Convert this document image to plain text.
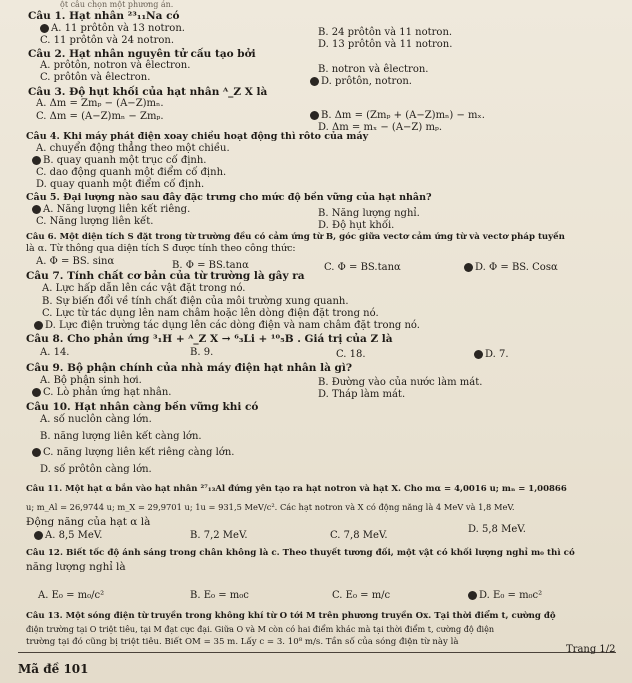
ột câu chọn một phương án.
Câu 1. Hạt nhân ²³₁₁Na có
A. 11 prôtôn và 13 notron.	B. 24 prôtôn và 11 notron.
C. 11 prôtôn và 24 notron.	D. 13 prôtôn và 11 notron.
Câu 2. Hạt nhân nguyên tử cấu tạo bởi
A. prôtôn, notron và êlectron.	B. notron và êlectron.
C. prôtôn và êlectron.	D. prôtôn, notron.
Câu 3. Độ hụt khối của hạt nhân ᴬ_Z X là
A. Δm = Zmₚ − (A−Z)mₙ.
B. Δm = (Zmₚ + (A−Z)mₙ) − mₓ.
C. Δm = (A−Z)mₙ − Zmₚ.
D. Δm = mₓ − (A−Z) mₚ.
Câu 4. Khi máy phát điện xoay chiều hoạt động thì rôto của máy
A. chuyển động thẳng theo một chiều.
B. quay quanh một trục cố định.
C. dao động quanh một điểm cố định.
D. quay quanh một điểm cố định.
Câu 5. Đại lượng nào sau đây đặc trưng cho mức độ bền vững của hạt nhân?
A. Năng lượng liên kết riêng.	B. Năng lượng nghỉ.
C. Năng lượng liên kết.	D. Độ hụt khối.
Câu 6. Một diện tích S đặt trong từ trường đều có cảm ứng từ B, góc giữa vectơ cảm ứng từ và vectơ pháp tuyến
là α. Từ thông qua diện tích S được tính theo công thức:
A. Φ = BS. sinα	B. Φ = BS.tanα	C. Φ = BS.tanα	D. Φ = BS. Cosα
Câu 7. Tính chất cơ bản của từ trường là gây ra
A. Lực hấp dẫn lên các vật đặt trong nó.
B. Sự biến đổi về tính chất điện của môi trường xung quanh.
C. Lực từ tác dụng lên nam châm hoặc lên dòng điện đặt trong nó.
D. Lực điện trường tác dụng lên các dòng điện và nam châm đặt trong nó.
Câu 8. Cho phản ứng ³₁H + ᴬ_Z X → ⁶₃Li + ¹⁰₅B . Giá trị của Z là
A. 14.	B. 9.	C. 18.	D. 7.
Câu 9. Bộ phận chính của nhà máy điện hạt nhân là gì?
A. Bộ phận sinh hơi.	B. Đường vào của nước làm mát.
C. Lò phản ứng hạt nhân.	D. Tháp làm mát.
Câu 10. Hạt nhân càng bền vững khi có
A. số nuclôn càng lớn.
B. năng lượng liên kết càng lớn.
C. năng lượng liên kết riêng càng lớn.
D. số prôtôn càng lớn.
Câu 11. Một hạt α bắn vào hạt nhân ²⁷₁₃Al đứng yên tạo ra hạt notron và hạt X. Cho mα = 4,0016 u; mₙ = 1,00866
u; m_Al = 26,9744 u; m_X = 29,9701 u; 1u = 931,5 MeV/c². Các hạt notron và X có động năng là 4 MeV và 1,8 MeV.
Động năng của hạt α là
A. 8,5 MeV.	B. 7,2 MeV.	C. 7,8 MeV.
D. 5,8 MeV.
Câu 12. Biết tốc độ ánh sáng trong chân không là c. Theo thuyết tương đối, một vật có khối lượng nghỉ m₀ thì có
năng lượng nghỉ là
A. E₀ = m₀/c²	B. E₀ = m₀c	C. E₀ = m/c	D. E₀ = m₀c²
Câu 13. Một sóng điện từ truyền trong không khí từ O tới M trên phương truyền Ox. Tại thời điểm t, cường độ
điện trường tại O triệt tiêu, tại M đạt cực đại. Giữa O và M còn có hai điểm khác mà tại thời điểm t, cường độ điện
trường tại đó cũng bị triệt tiêu. Biết OM = 35 m. Lấy c = 3. 10⁸ m/s. Tần số của sóng điện từ này là
Mã đề 101
Trang 1/2
